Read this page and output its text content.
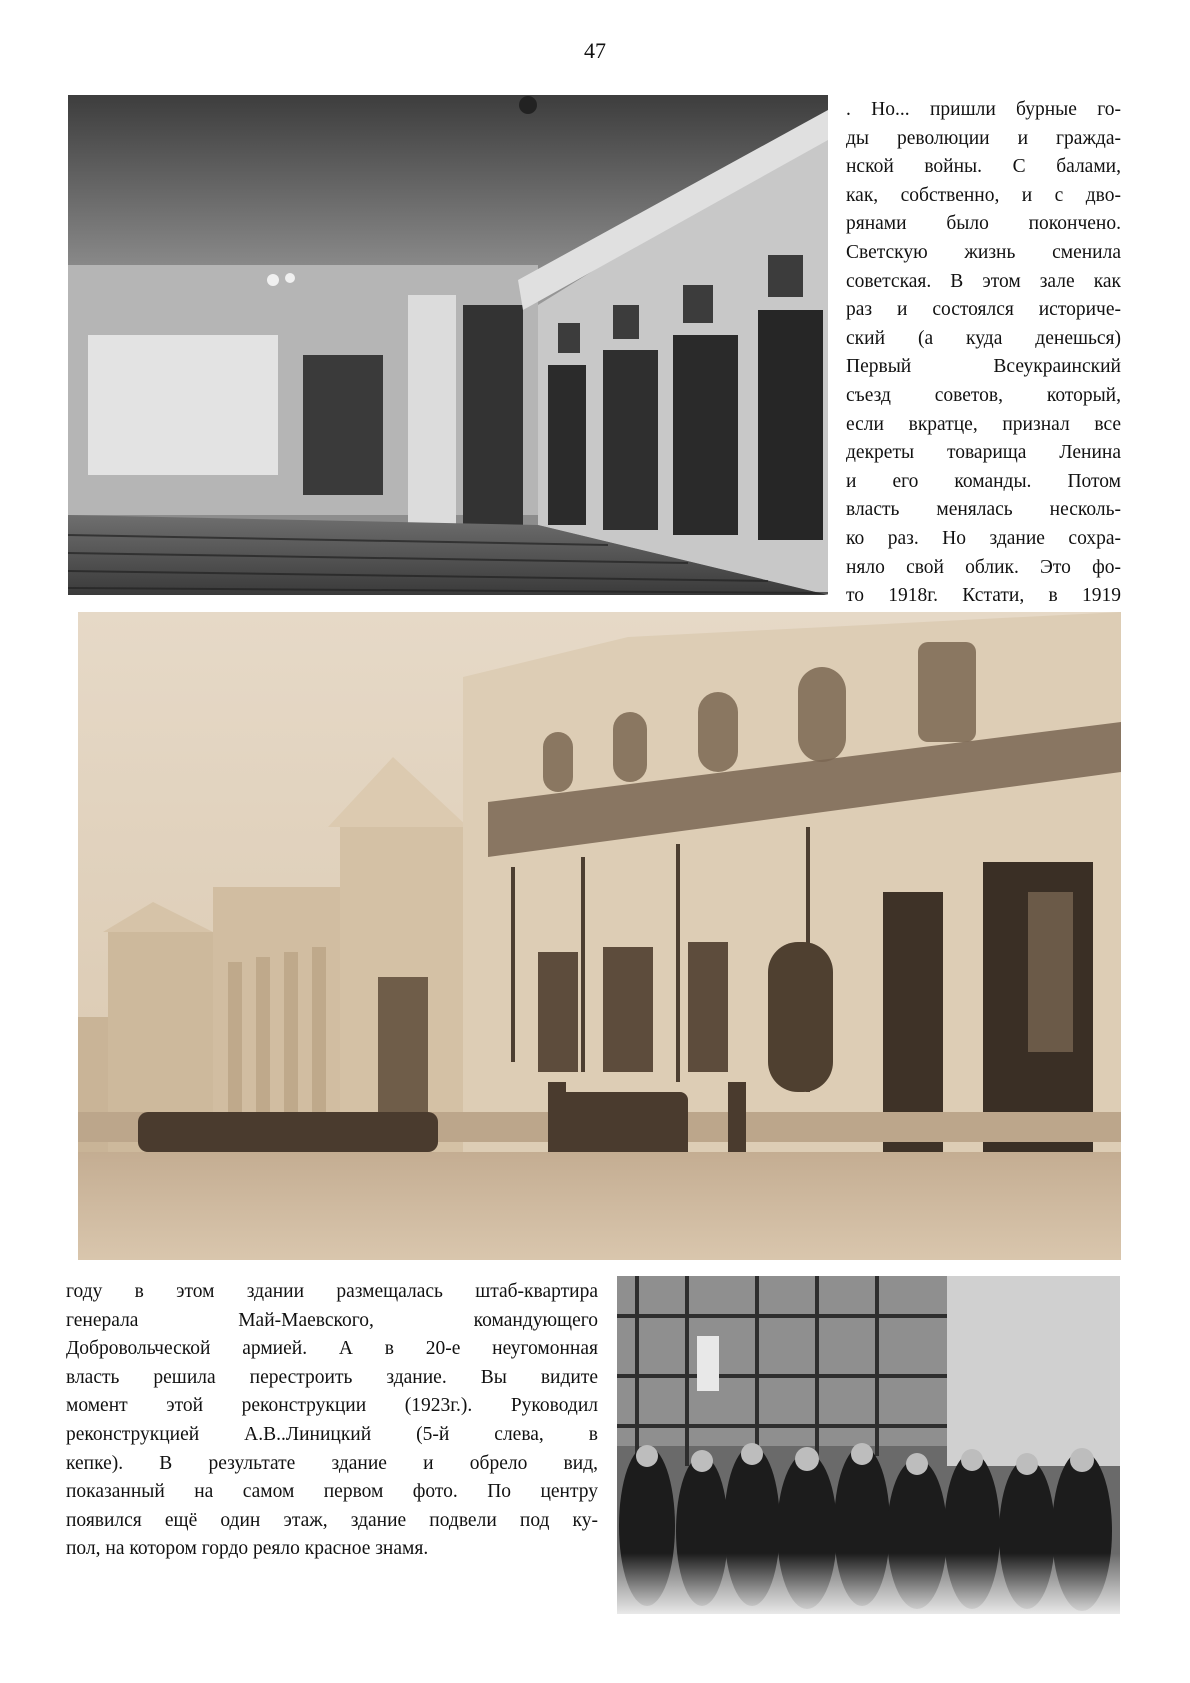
47
. Но... пришли бурные го-
ды революции и гражда-
нской войны. С балами,
как, собственно, и с дво-
рянами было покончено.
Светскую жизнь сменила
советская. В этом зале как
раз и состоялся историче-
ский (а куда денешься)
Первый Всеукраинский
съезд советов, который,
если вкратце, признал все
декреты товарища Ленина
и его команды. Потом
власть менялась несколь-
ко раз. Но здание сохра-
няло свой облик. Это фо-
то 1918г. Кстати, в 1919
году в этом здании размещалась штаб-квартира
генерала Май-Маевского, командующего
Добровольческой армией. А в 20-е неугомонная
власть решила перестроить здание. Вы видите
момент этой реконструкции (1923г.). Руководил
реконструкцией А.В..Линицкий (5-й слева, в
кепке). В результате здание и обрело вид,
показанный на самом первом фото. По центру
появился ещё один этаж, здание подвели под ку-
пол, на котором гордо реяло красное знамя.
